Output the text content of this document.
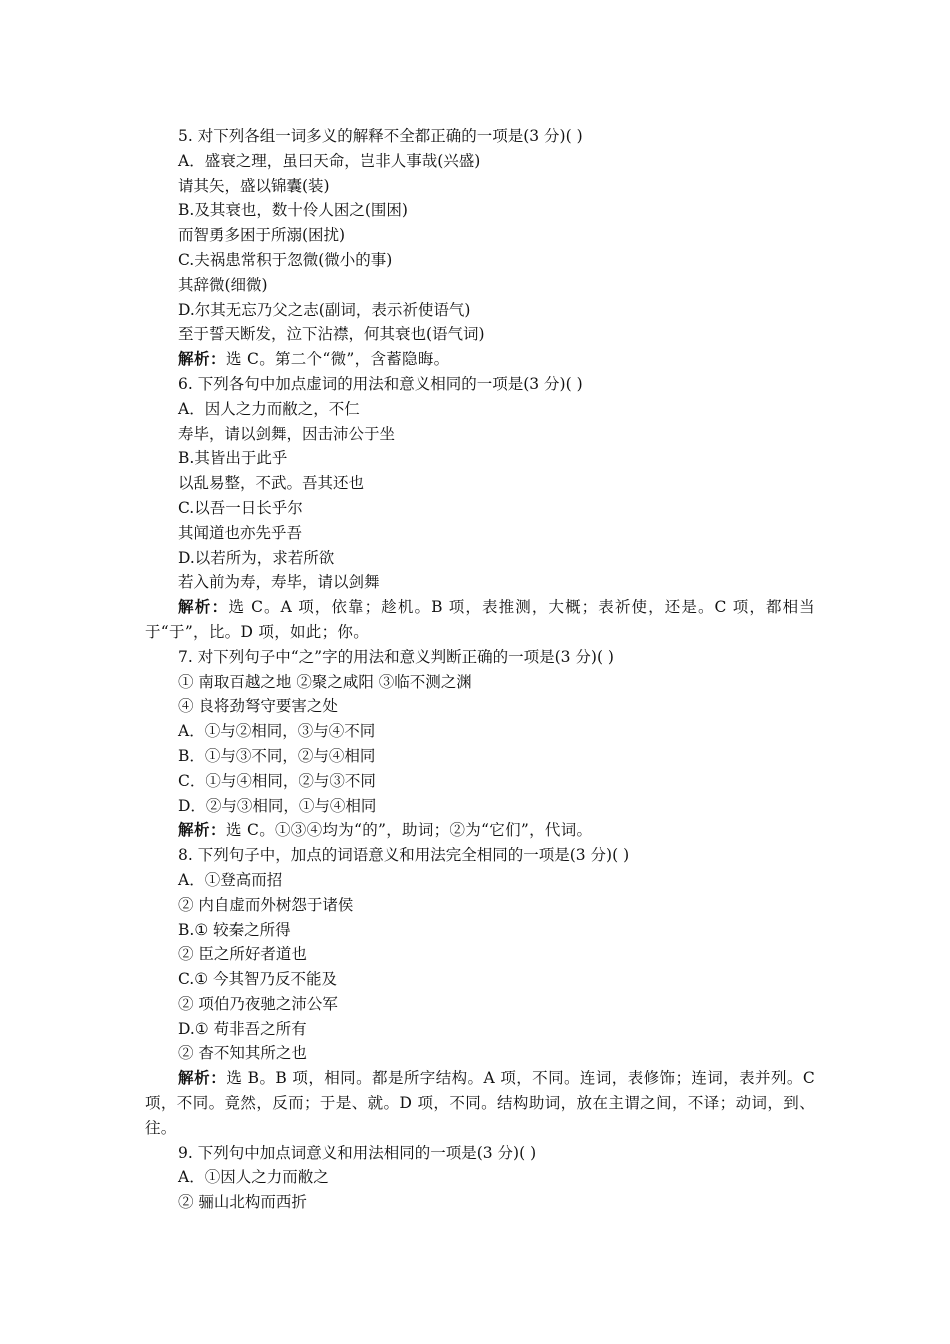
5. 对下列各组一词多义的解释不全都正确的一项是(3 分)( )
A．盛衰之理，虽曰天命，岂非人事哉(兴盛)
请其矢，盛以锦囊(装)
B.及其衰也，数十伶人困之(围困)
而智勇多困于所溺(困扰)
C.夫祸患常积于忽微(微小的事)
其辞微(细微)
D.尔其无忘乃父之志(副词，表示祈使语气)
至于誓天断发，泣下沾襟，何其衰也(语气词)
解析：选 C。第二个“微”，含蓄隐晦。
6. 下列各句中加点虚词的用法和意义相同的一项是(3 分)( )
A．因人之力而敝之，不仁
寿毕，请以剑舞，因击沛公于坐
B.其皆出于此乎
以乱易整，不武。吾其还也
C.以吾一日长乎尔
其闻道也亦先乎吾
D.以若所为，求若所欲
若入前为寿，寿毕，请以剑舞
解析：选 C。A 项，依靠；趁机。B 项，表推测，大概；表祈使，还是。C 项，都相当于“于”，比。D 项，如此；你。
7. 对下列句子中“之”字的用法和意义判断正确的一项是(3 分)( )
① 南取百越之地 ②聚之咸阳 ③临不测之渊
④ 良将劲弩守要害之处
A．①与②相同，③与④不同
B．①与③不同，②与④相同
C．①与④相同，②与③不同
D．②与③相同，①与④相同
解析：选 C。①③④均为“的”，助词；②为“它们”，代词。
8. 下列句子中，加点的词语意义和用法完全相同的一项是(3 分)( )
A．①登高而招
② 内自虚而外树怨于诸侯
B.① 较秦之所得
② 臣之所好者道也
C.① 今其智乃反不能及
② 项伯乃夜驰之沛公军
D.① 苟非吾之所有
② 杳不知其所之也
解析：选 B。B 项，相同。都是所字结构。A 项，不同。连词，表修饰；连词，表并列。C 项，不同。竟然，反而；于是、就。D 项，不同。结构助词，放在主谓之间，不译；动词，到、往。
9. 下列句中加点词意义和用法相同的一项是(3 分)( )
A．①因人之力而敝之
② 骊山北构而西折
